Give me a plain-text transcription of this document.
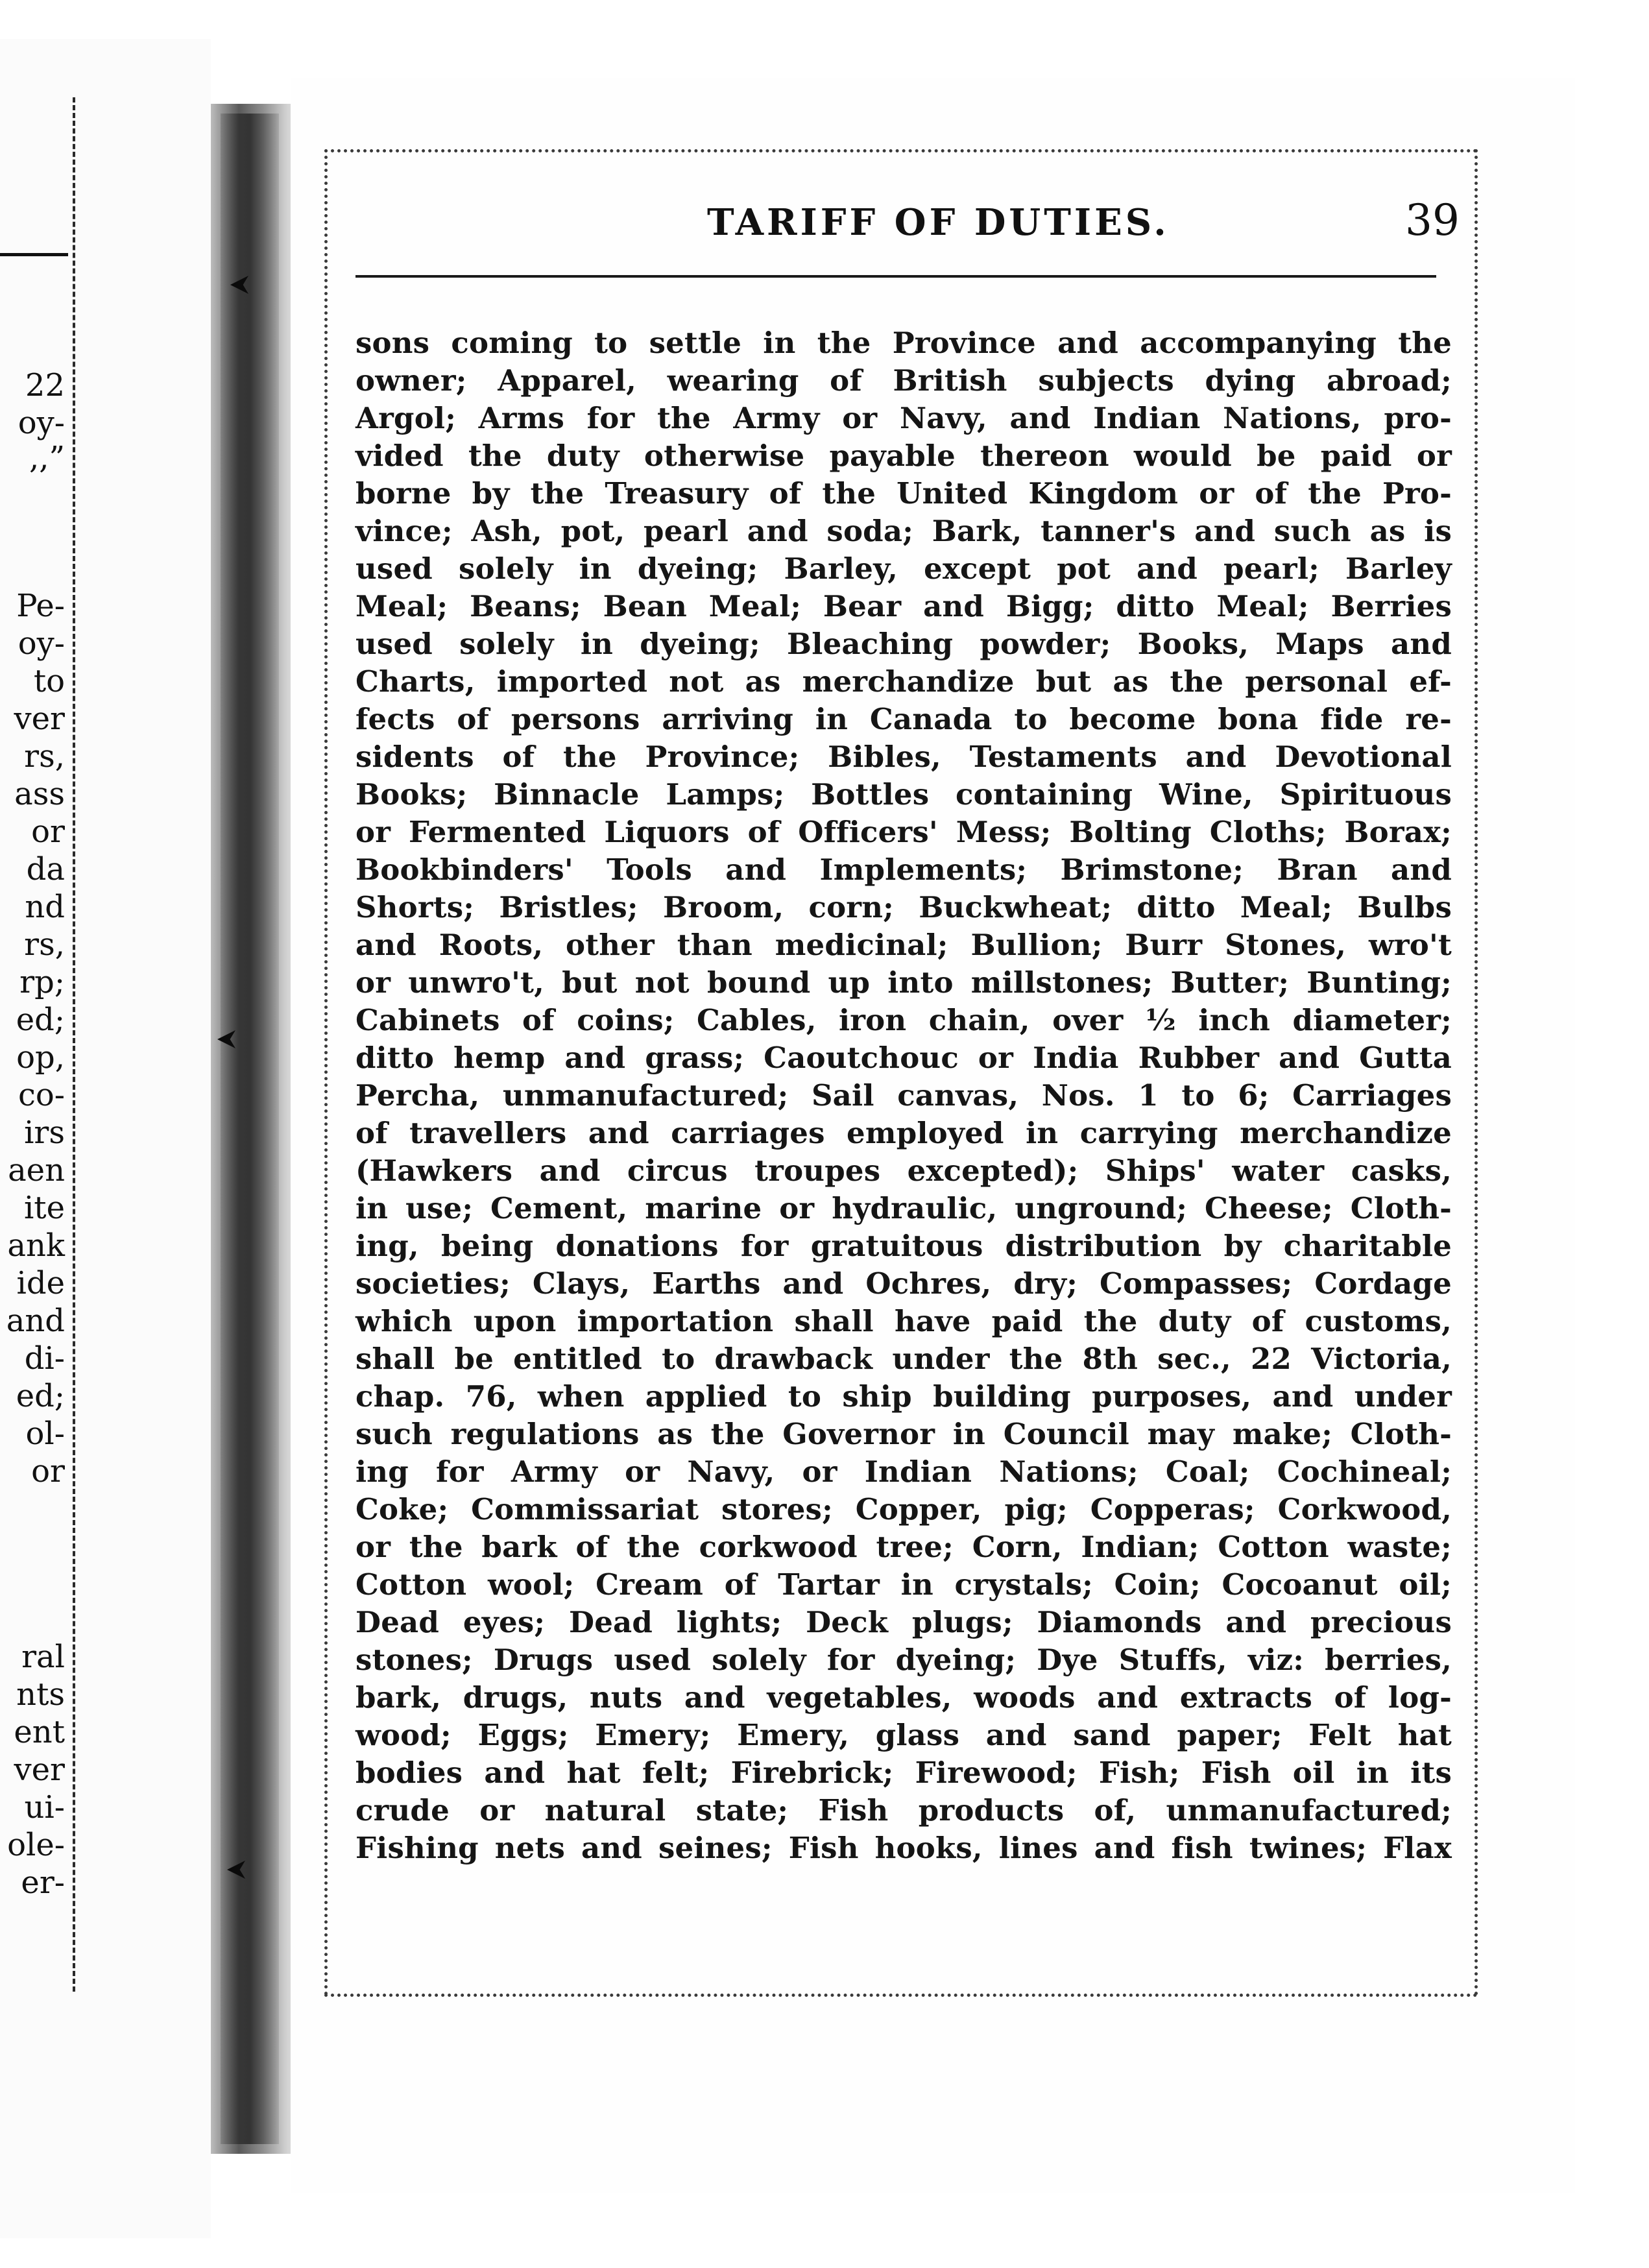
22
oy-
,,”
Pe-
oy-
to
ver
rs,
ass
or
da
nd
rs,
rp;
ed;
op,
co-
irs
aen
ite
ank
ide
and
di-
ed;
ol-
or
ral
nts
ent
ver
ui-
ole-
er-
TARIFF OF DUTIES.	39
sons coming to settle in the Province and accompanying the
owner; Apparel, wearing of British subjects dying abroad;
Argol; Arms for the Army or Navy, and Indian Nations, pro-
vided the duty otherwise payable thereon would be paid or
borne by the Treasury of the United Kingdom or of the Pro-
vince; Ash, pot, pearl and soda; Bark, tanner's and such as is
used solely in dyeing; Barley, except pot and pearl; Barley
Meal; Beans; Bean Meal; Bear and Bigg; ditto Meal; Berries
used solely in dyeing; Bleaching powder; Books, Maps and
Charts, imported not as merchandize but as the personal ef-
fects of persons arriving in Canada to become bona fide re-
sidents of the Province; Bibles, Testaments and Devotional
Books; Binnacle Lamps; Bottles containing Wine, Spirituous
or Fermented Liquors of Officers' Mess; Bolting Cloths; Borax;
Bookbinders' Tools and Implements; Brimstone; Bran and
Shorts; Bristles; Broom, corn; Buckwheat; ditto Meal; Bulbs
and Roots, other than medicinal; Bullion; Burr Stones, wro't
or unwro't, but not bound up into millstones; Butter; Bunting;
Cabinets of coins; Cables, iron chain, over ½ inch diameter;
ditto hemp and grass; Caoutchouc or India Rubber and Gutta
Percha, unmanufactured; Sail canvas, Nos. 1 to 6; Carriages
of travellers and carriages employed in carrying merchandize
(Hawkers and circus troupes excepted); Ships' water casks,
in use; Cement, marine or hydraulic, unground; Cheese; Cloth-
ing, being donations for gratuitous distribution by charitable
societies; Clays, Earths and Ochres, dry; Compasses; Cordage
which upon importation shall have paid the duty of customs,
shall be entitled to drawback under the 8th sec., 22 Victoria,
chap. 76, when applied to ship building purposes, and under
such regulations as the Governor in Council may make; Cloth-
ing for Army or Navy, or Indian Nations; Coal; Cochineal;
Coke; Commissariat stores; Copper, pig; Copperas; Corkwood,
or the bark of the corkwood tree; Corn, Indian; Cotton waste;
Cotton wool; Cream of Tartar in crystals; Coin; Cocoanut oil;
Dead eyes; Dead lights; Deck plugs; Diamonds and precious
stones; Drugs used solely for dyeing; Dye Stuffs, viz: berries,
bark, drugs, nuts and vegetables, woods and extracts of log-
wood; Eggs; Emery; Emery, glass and sand paper; Felt hat
bodies and hat felt; Firebrick; Firewood; Fish; Fish oil in its
crude or natural state; Fish products of, unmanufactured;
Fishing nets and seines; Fish hooks, lines and fish twines; Flax
